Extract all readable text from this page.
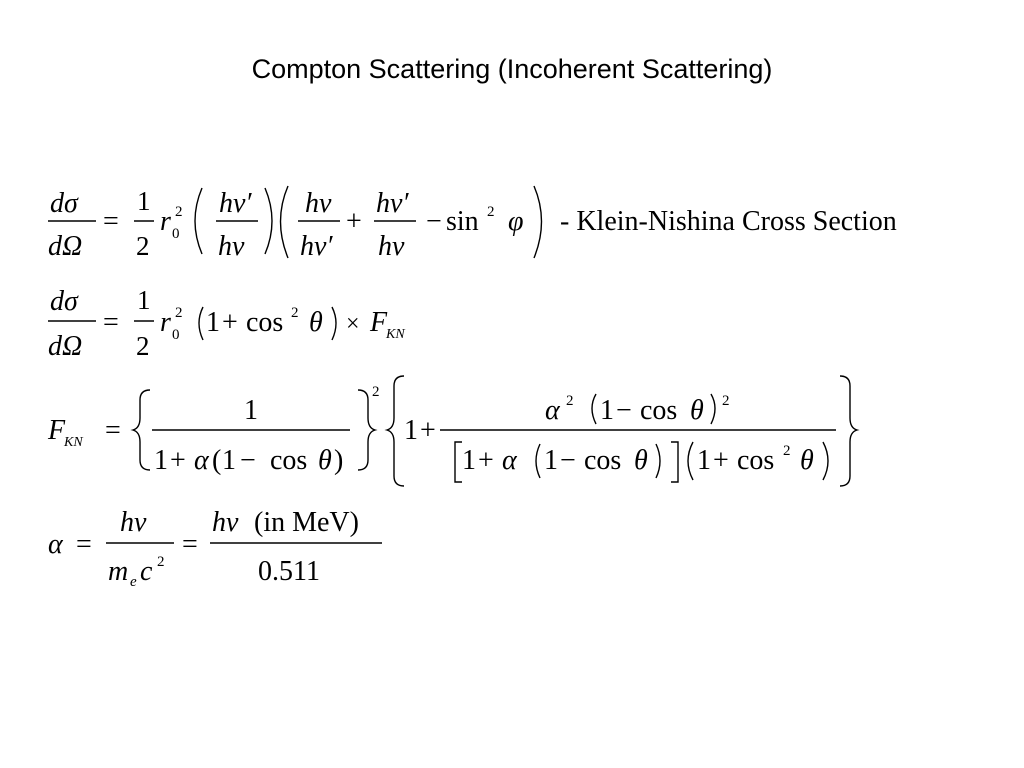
Compton Scattering (Incoherent Scattering)
dσ
dΩ
=
1
2
r 2
0
hν′
hν
hν
hν′
+
hν′
hν
− sin 2 φ - Klein-Nishina Cross Section
dσ
dΩ
=
1
2
r 2
0 1 + cos 2 θ × F
KN
F
KN =
1
1 + α ( 1 − cos θ )
2
1 +
α 2 1 − cos θ 2
1 + α 1 − cos θ 1 + cos 2 θ
α =
hν
m e c 2
=
hν (in MeV)
0.511
